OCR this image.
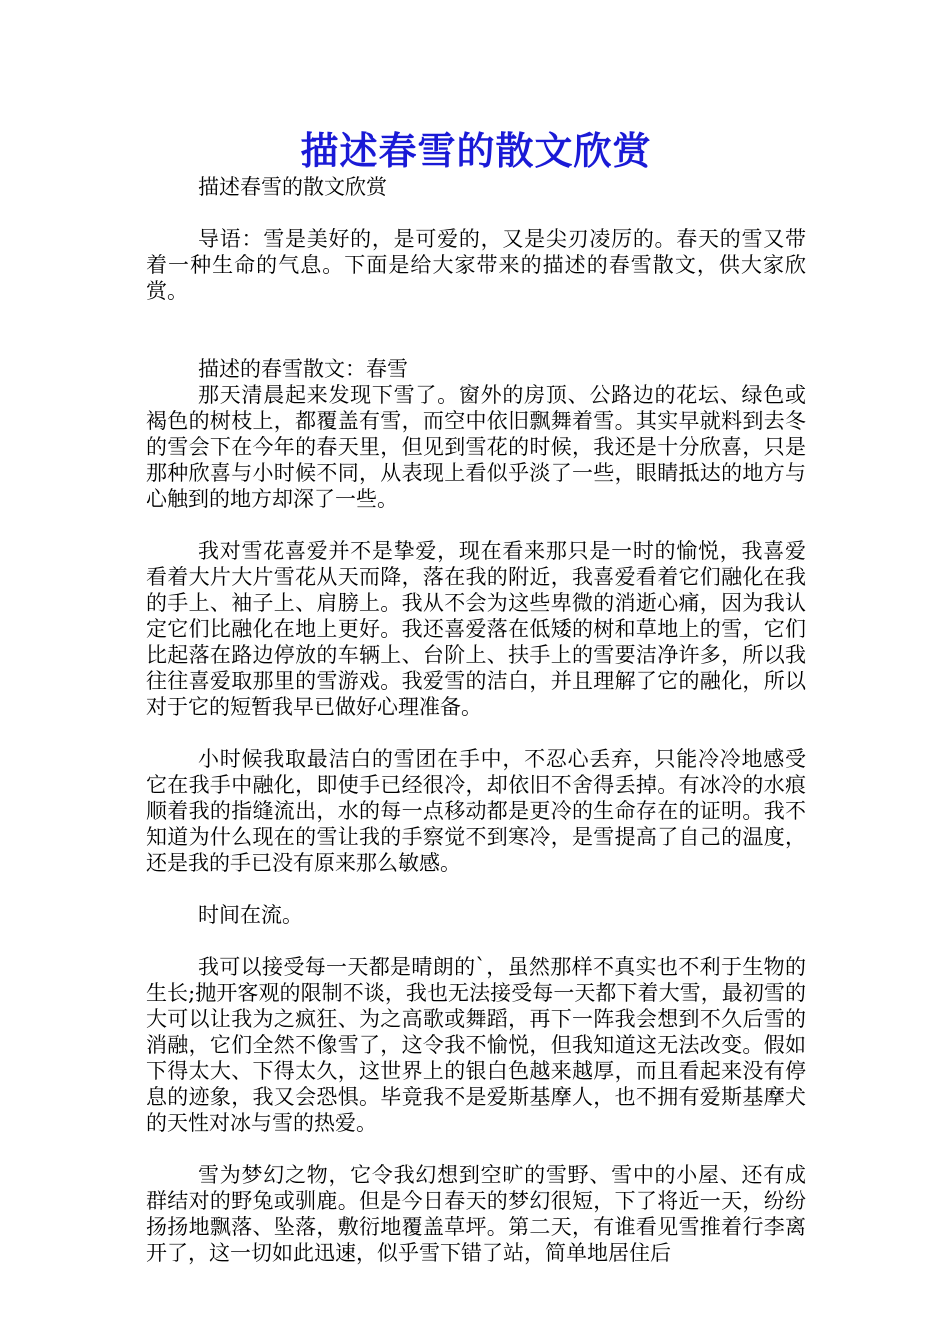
描述春雪的散文欣赏

描述春雪的散文欣赏

导语：雪是美好的，是可爱的，又是尖刃凌厉的。春天的雪又带着一种生命的气息。下面是给大家带来的描述的春雪散文，供大家欣赏。

描述的春雪散文：春雪

那天清晨起来发现下雪了。窗外的房顶、公路边的花坛、绿色或褐色的树枝上，都覆盖有雪，而空中依旧飘舞着雪。其实早就料到去冬的雪会下在今年的春天里，但见到雪花的时候，我还是十分欣喜，只是那种欣喜与小时候不同，从表现上看似乎淡了一些，眼睛抵达的地方与心触到的地方却深了一些。

我对雪花喜爱并不是挚爱，现在看来那只是一时的愉悦，我喜爱看着大片大片雪花从天而降，落在我的附近，我喜爱看着它们融化在我的手上、袖子上、肩膀上。我从不会为这些卑微的消逝心痛，因为我认定它们比融化在地上更好。我还喜爱落在低矮的树和草地上的雪，它们比起落在路边停放的车辆上、台阶上、扶手上的雪要洁净许多，所以我往往喜爱取那里的雪游戏。我爱雪的洁白，并且理解了它的融化，所以对于它的短暂我早已做好心理准备。

小时候我取最洁白的雪团在手中，不忍心丢弃，只能冷冷地感受它在我手中融化，即使手已经很冷，却依旧不舍得丢掉。有冰冷的水痕顺着我的指缝流出，水的每一点移动都是更冷的生命存在的证明。我不知道为什么现在的雪让我的手察觉不到寒冷，是雪提高了自己的温度，还是我的手已没有原来那么敏感。

时间在流。

我可以接受每一天都是晴朗的`，虽然那样不真实也不利于生物的生长;抛开客观的限制不谈，我也无法接受每一天都下着大雪，最初雪的大可以让我为之疯狂、为之高歌或舞蹈，再下一阵我会想到不久后雪的消融，它们全然不像雪了，这令我不愉悦，但我知道这无法改变。假如下得太大、下得太久，这世界上的银白色越来越厚，而且看起来没有停息的迹象，我又会恐惧。毕竟我不是爱斯基摩人，也不拥有爱斯基摩犬的天性对冰与雪的热爱。

雪为梦幻之物，它令我幻想到空旷的雪野、雪中的小屋、还有成群结对的野兔或驯鹿。但是今日春天的梦幻很短，下了将近一天，纷纷扬扬地飘落、坠落，敷衍地覆盖草坪。第二天，有谁看见雪推着行李离开了，这一切如此迅速，似乎雪下错了站，简单地居住后
